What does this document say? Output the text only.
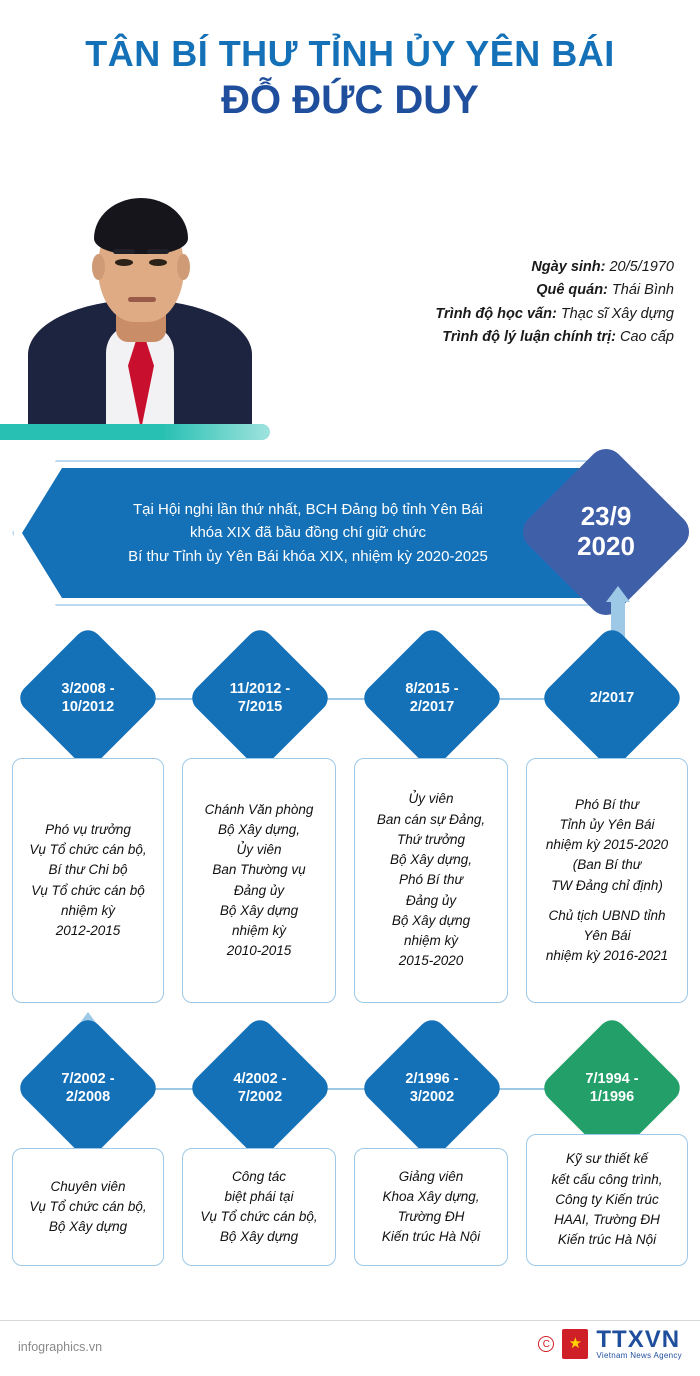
TÂN BÍ THƯ TỈNH ỦY YÊN BÁI
ĐỖ ĐỨC DUY
Ngày sinh: 20/5/1970
Quê quán: Thái Bình
Trình độ học vấn: Thạc sĩ Xây dựng
Trình độ lý luận chính trị: Cao cấp
Tại Hội nghị lần thứ nhất, BCH Đảng bộ tỉnh Yên Bái
khóa XIX đã bầu đồng chí giữ chức
Bí thư Tỉnh ủy Yên Bái khóa XIX, nhiệm kỳ 2020-2025
23/9
2020
3/2008 -
10/2012
11/2012 -
7/2015
8/2015 -
2/2017
2/2017
Phó vụ trưởng
Vụ Tổ chức cán bộ,
Bí thư Chi bộ
Vụ Tổ chức cán bộ
nhiệm kỳ
2012-2015
Chánh Văn phòng
Bộ Xây dựng,
Ủy viên
Ban Thường vụ
Đảng ủy
Bộ Xây dựng
nhiệm kỳ
2010-2015
Ủy viên
Ban cán sự Đảng,
Thứ trưởng
Bộ Xây dựng,
Phó Bí thư
Đảng ủy
Bộ Xây dựng
nhiệm kỳ
2015-2020
Phó Bí thư
Tỉnh ủy Yên Bái
nhiệm kỳ 2015-2020
(Ban Bí thư
TW Đảng chỉ định)
Chủ tịch UBND tỉnh
Yên Bái
nhiệm kỳ 2016-2021
7/2002 -
2/2008
4/2002 -
7/2002
2/1996 -
3/2002
7/1994 -
1/1996
Chuyên viên
Vụ Tổ chức cán bộ,
Bộ Xây dựng
Công tác
biệt phái tại
Vụ Tổ chức cán bộ,
Bộ Xây dựng
Giảng viên
Khoa Xây dựng,
Trường ĐH
Kiến trúc Hà Nội
Kỹ sư thiết kế
kết cấu công trình,
Công ty Kiến trúc
HAAI, Trường ĐH
Kiến trúc Hà Nội
infographics.vn	C ★ TTXVN
Vietnam News Agency
